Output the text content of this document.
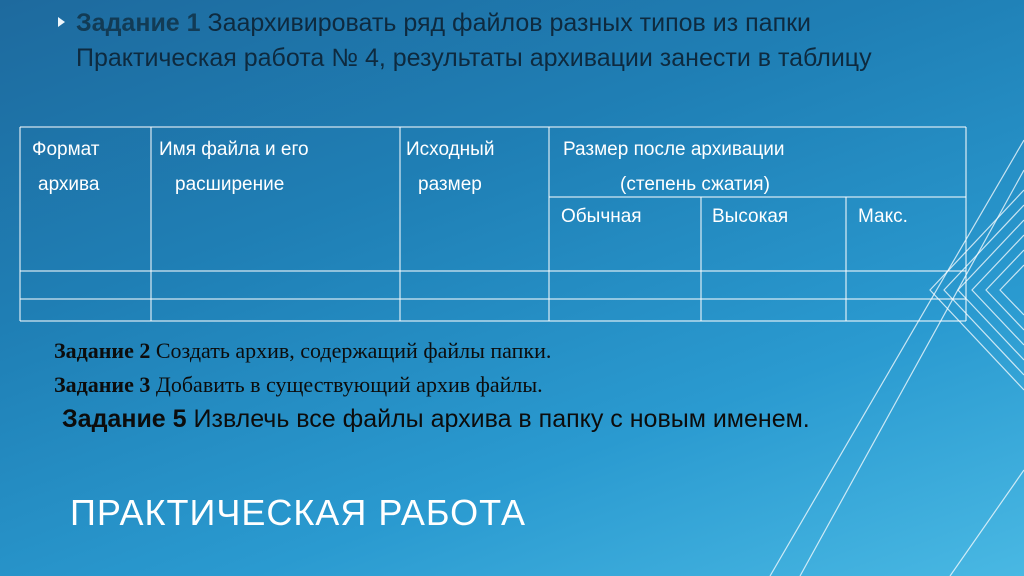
Задание 1 Заархивировать ряд файлов разных типов из папки Практическая работа № 4, результаты архивации занести в таблицу
Формат
архива
Имя файла и его
расширение
Исходный
размер
Размер после архивации
(степень сжатия)
Обычная	Высокая	Макс.
Задание 2 Создать архив, содержащий файлы папки.
Задание 3 Добавить в существующий архив файлы.
Задание 5 Извлечь все файлы архива в папку с новым именем.
ПРАКТИЧЕСКАЯ РАБОТА
